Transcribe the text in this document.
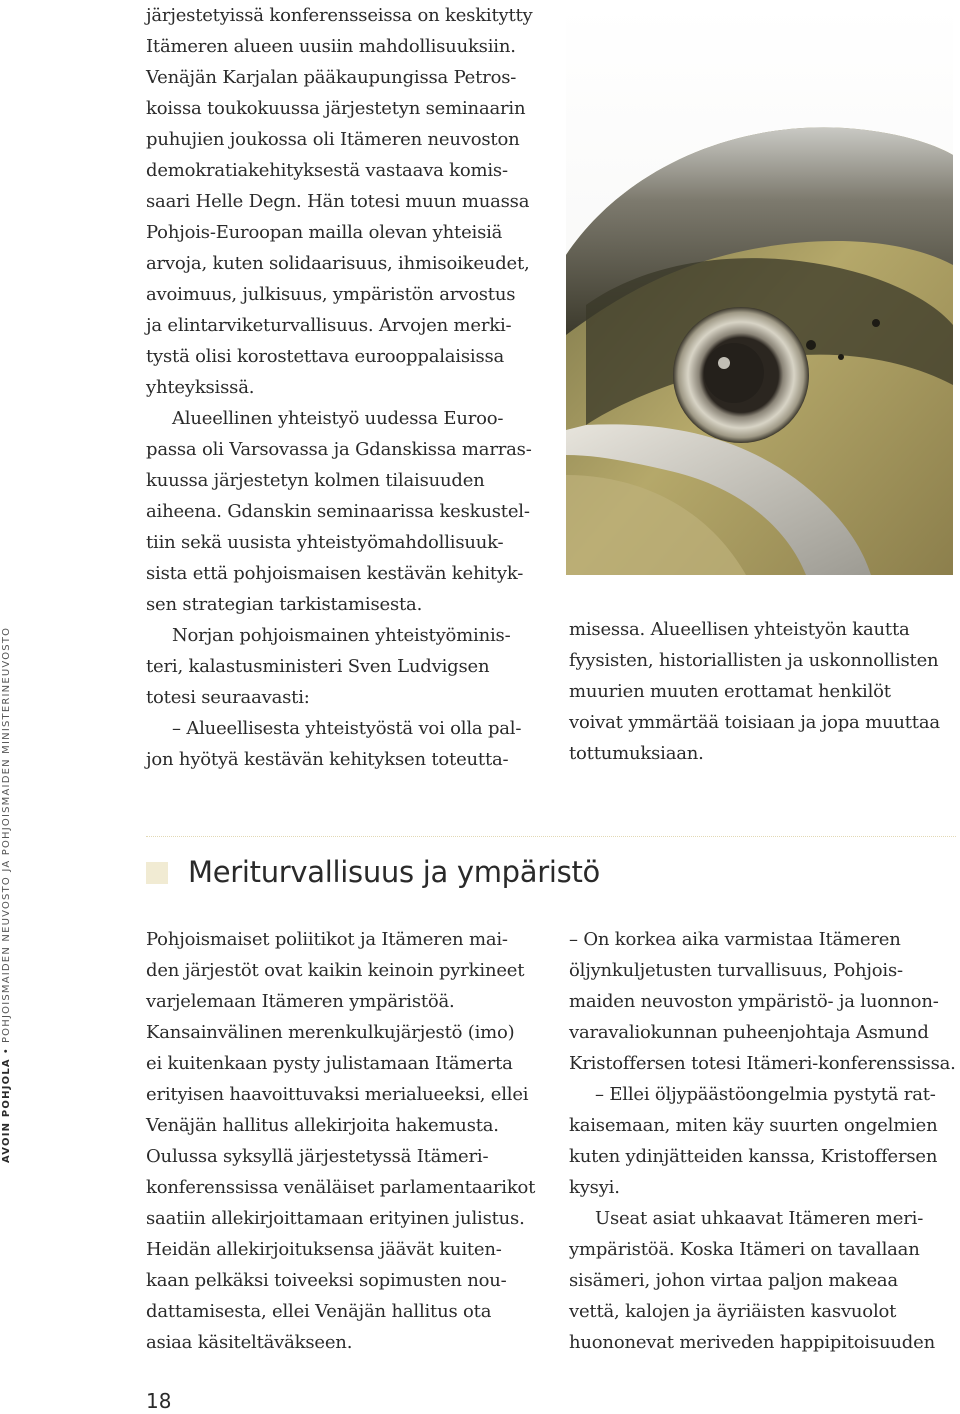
AVOIN POHJOLA•POHJOISMAIDEN NEUVOSTO JA POHJOISMAIDEN MINISTERINEUVOSTO

järjestetyissä konferensseissa on keskitytty
Itämeren alueen uusiin mahdollisuuksiin.
Venäjän Karjalan pääkaupungissa Petros-
koissa toukokuussa järjestetyn seminaarin
puhujien joukossa oli Itämeren neuvoston
demokratiakehityksestä vastaava komis-
saari Helle Degn. Hän totesi muun muassa
Pohjois-Euroopan mailla olevan yhteisiä
arvoja, kuten solidaarisuus, ihmisoikeudet,
avoimuus, julkisuus, ympäristön arvostus
ja elintarviketurvallisuus. Arvojen merki-
tystä olisi korostettava eurooppalaisissa
yhteyksissä.

Alueellinen yhteistyö uudessa Euroo-
passa oli Varsovassa ja Gdanskissa marras-
kuussa järjestetyn kolmen tilaisuuden
aiheena. Gdanskin seminaarissa keskustel-
tiin sekä uusista yhteistyömahdollisuuk-
sista että pohjoismaisen kestävän kehityk-
sen strategian tarkistamisesta.

Norjan pohjoismainen yhteistyöminis-
teri, kalastusministeri Sven Ludvigsen
totesi seuraavasti:

– Alueellisesta yhteistyöstä voi olla pal-
jon hyötyä kestävän kehityksen toteutta-

misessa. Alueellisen yhteistyön kautta
fyysisten, historiallisten ja uskonnollisten
muurien muuten erottamat henkilöt
voivat ymmärtää toisiaan ja jopa muuttaa
tottumuksiaan.

Meriturvallisuus ja ympäristö

Pohjoismaiset poliitikot ja Itämeren mai-
den järjestöt ovat kaikin keinoin pyrkineet
varjelemaan Itämeren ympäristöä.
Kansainvälinen merenkulkujärjestö (imo)
ei kuitenkaan pysty julistamaan Itämerta
erityisen haavoittuvaksi merialueeksi, ellei
Venäjän hallitus allekirjoita hakemusta.
Oulussa syksyllä järjestetyssä Itämeri-
konferenssissa venäläiset parlamentaarikot
saatiin allekirjoittamaan erityinen julistus.
Heidän allekirjoituksensa jäävät kuiten-
kaan pelkäksi toiveeksi sopimusten nou-
dattamisesta, ellei Venäjän hallitus ota
asiaa käsiteltäväkseen.

– On korkea aika varmistaa Itämeren
öljynkuljetusten turvallisuus, Pohjois-
maiden neuvoston ympäristö- ja luonnon-
varavaliokunnan puheenjohtaja Asmund
Kristoffersen totesi Itämeri-konferenssissa.

– Ellei öljypäästöongelmia pystytä rat-
kaisemaan, miten käy suurten ongelmien
kuten ydinjätteiden kanssa, Kristoffersen
kysyi.

Useat asiat uhkaavat Itämeren meri-
ympäristöä. Koska Itämeri on tavallaan
sisämeri, johon virtaa paljon makeaa
vettä, kalojen ja äyriäisten kasvuolot
huononevat meriveden happipitoisuuden

18
